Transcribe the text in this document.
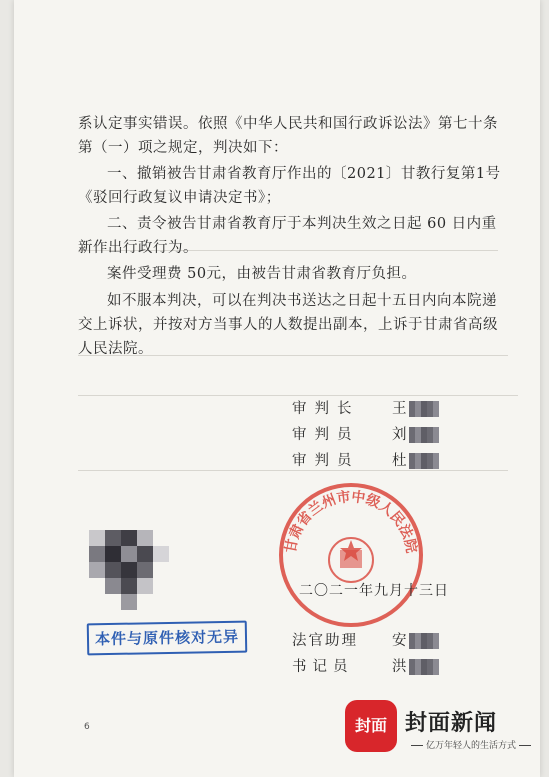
系认定事实错误。依照《中华人民共和国行政诉讼法》第七十条第（一）项之规定，判决如下：
一、撤销被告甘肃省教育厅作出的〔2021〕甘教行复第1号《驳回行政复议申请决定书》；
二、责令被告甘肃省教育厅于本判决生效之日起 60 日内重新作出行政行为。
案件受理费 50元，由被告甘肃省教育厅负担。
如不服本判决，可以在判决书送达之日起十五日内向本院递交上诉状，并按对方当事人的人数提出副本，上诉于甘肃省高级人民法院。
审判长 王
审判员 刘
审判员 杜
甘肃省兰州市中级人民法院
二〇二一年九月十三日
本件与原件核对无异	法官助理 安
书记员	洪
6	封面 封面新闻
亿万年轻人的生活方式
